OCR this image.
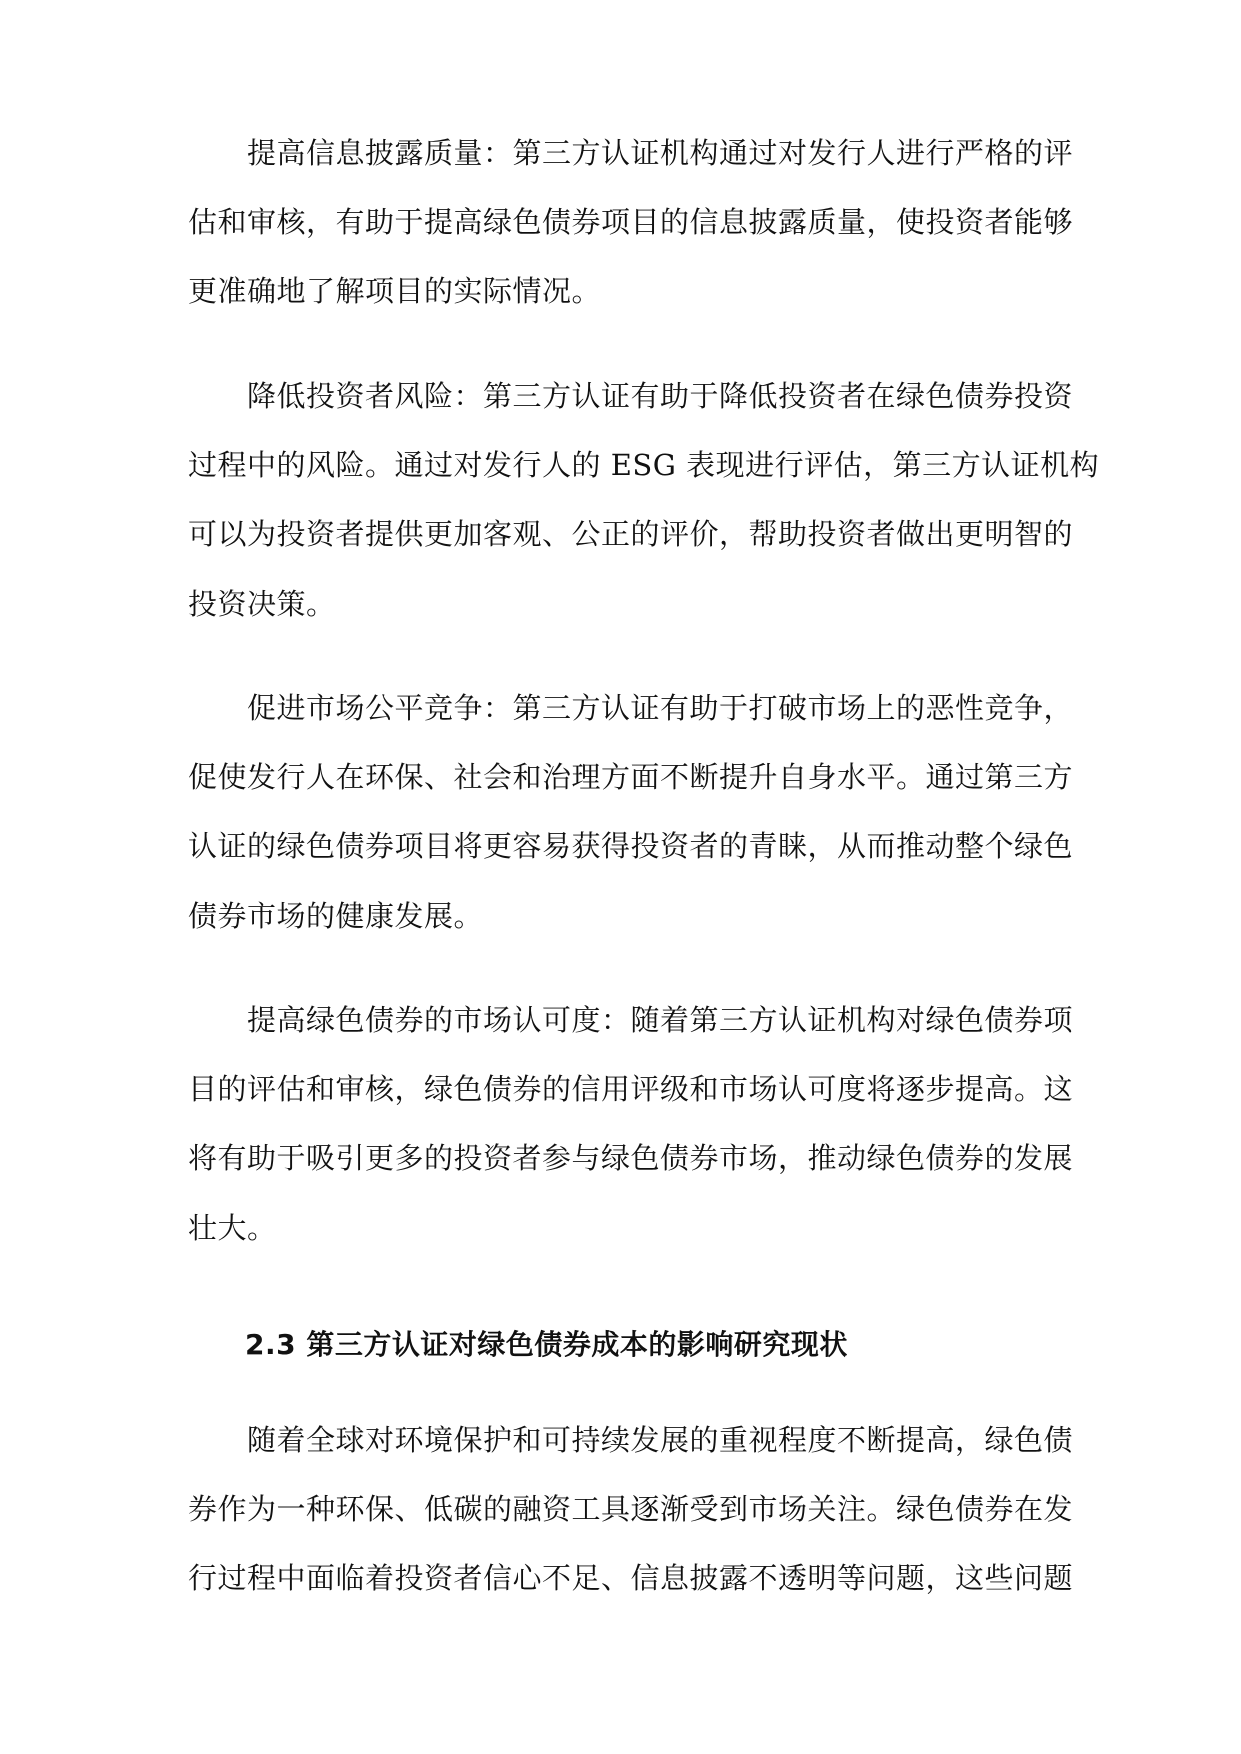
提高信息披露质量：第三方认证机构通过对发行人进行严格的评
估和审核，有助于提高绿色债券项目的信息披露质量，使投资者能够
更准确地了解项目的实际情况。
降低投资者风险：第三方认证有助于降低投资者在绿色债券投资
过程中的风险。通过对发行人的 ESG 表现进行评估，第三方认证机构
可以为投资者提供更加客观、公正的评价，帮助投资者做出更明智的
投资决策。
促进市场公平竞争：第三方认证有助于打破市场上的恶性竞争，
促使发行人在环保、社会和治理方面不断提升自身水平。通过第三方
认证的绿色债券项目将更容易获得投资者的青睐，从而推动整个绿色
债券市场的健康发展。
提高绿色债券的市场认可度：随着第三方认证机构对绿色债券项
目的评估和审核，绿色债券的信用评级和市场认可度将逐步提高。这
将有助于吸引更多的投资者参与绿色债券市场，推动绿色债券的发展
壮大。
2.3 第三方认证对绿色债券成本的影响研究现状
随着全球对环境保护和可持续发展的重视程度不断提高，绿色债
券作为一种环保、低碳的融资工具逐渐受到市场关注。绿色债券在发
行过程中面临着投资者信心不足、信息披露不透明等问题，这些问题
